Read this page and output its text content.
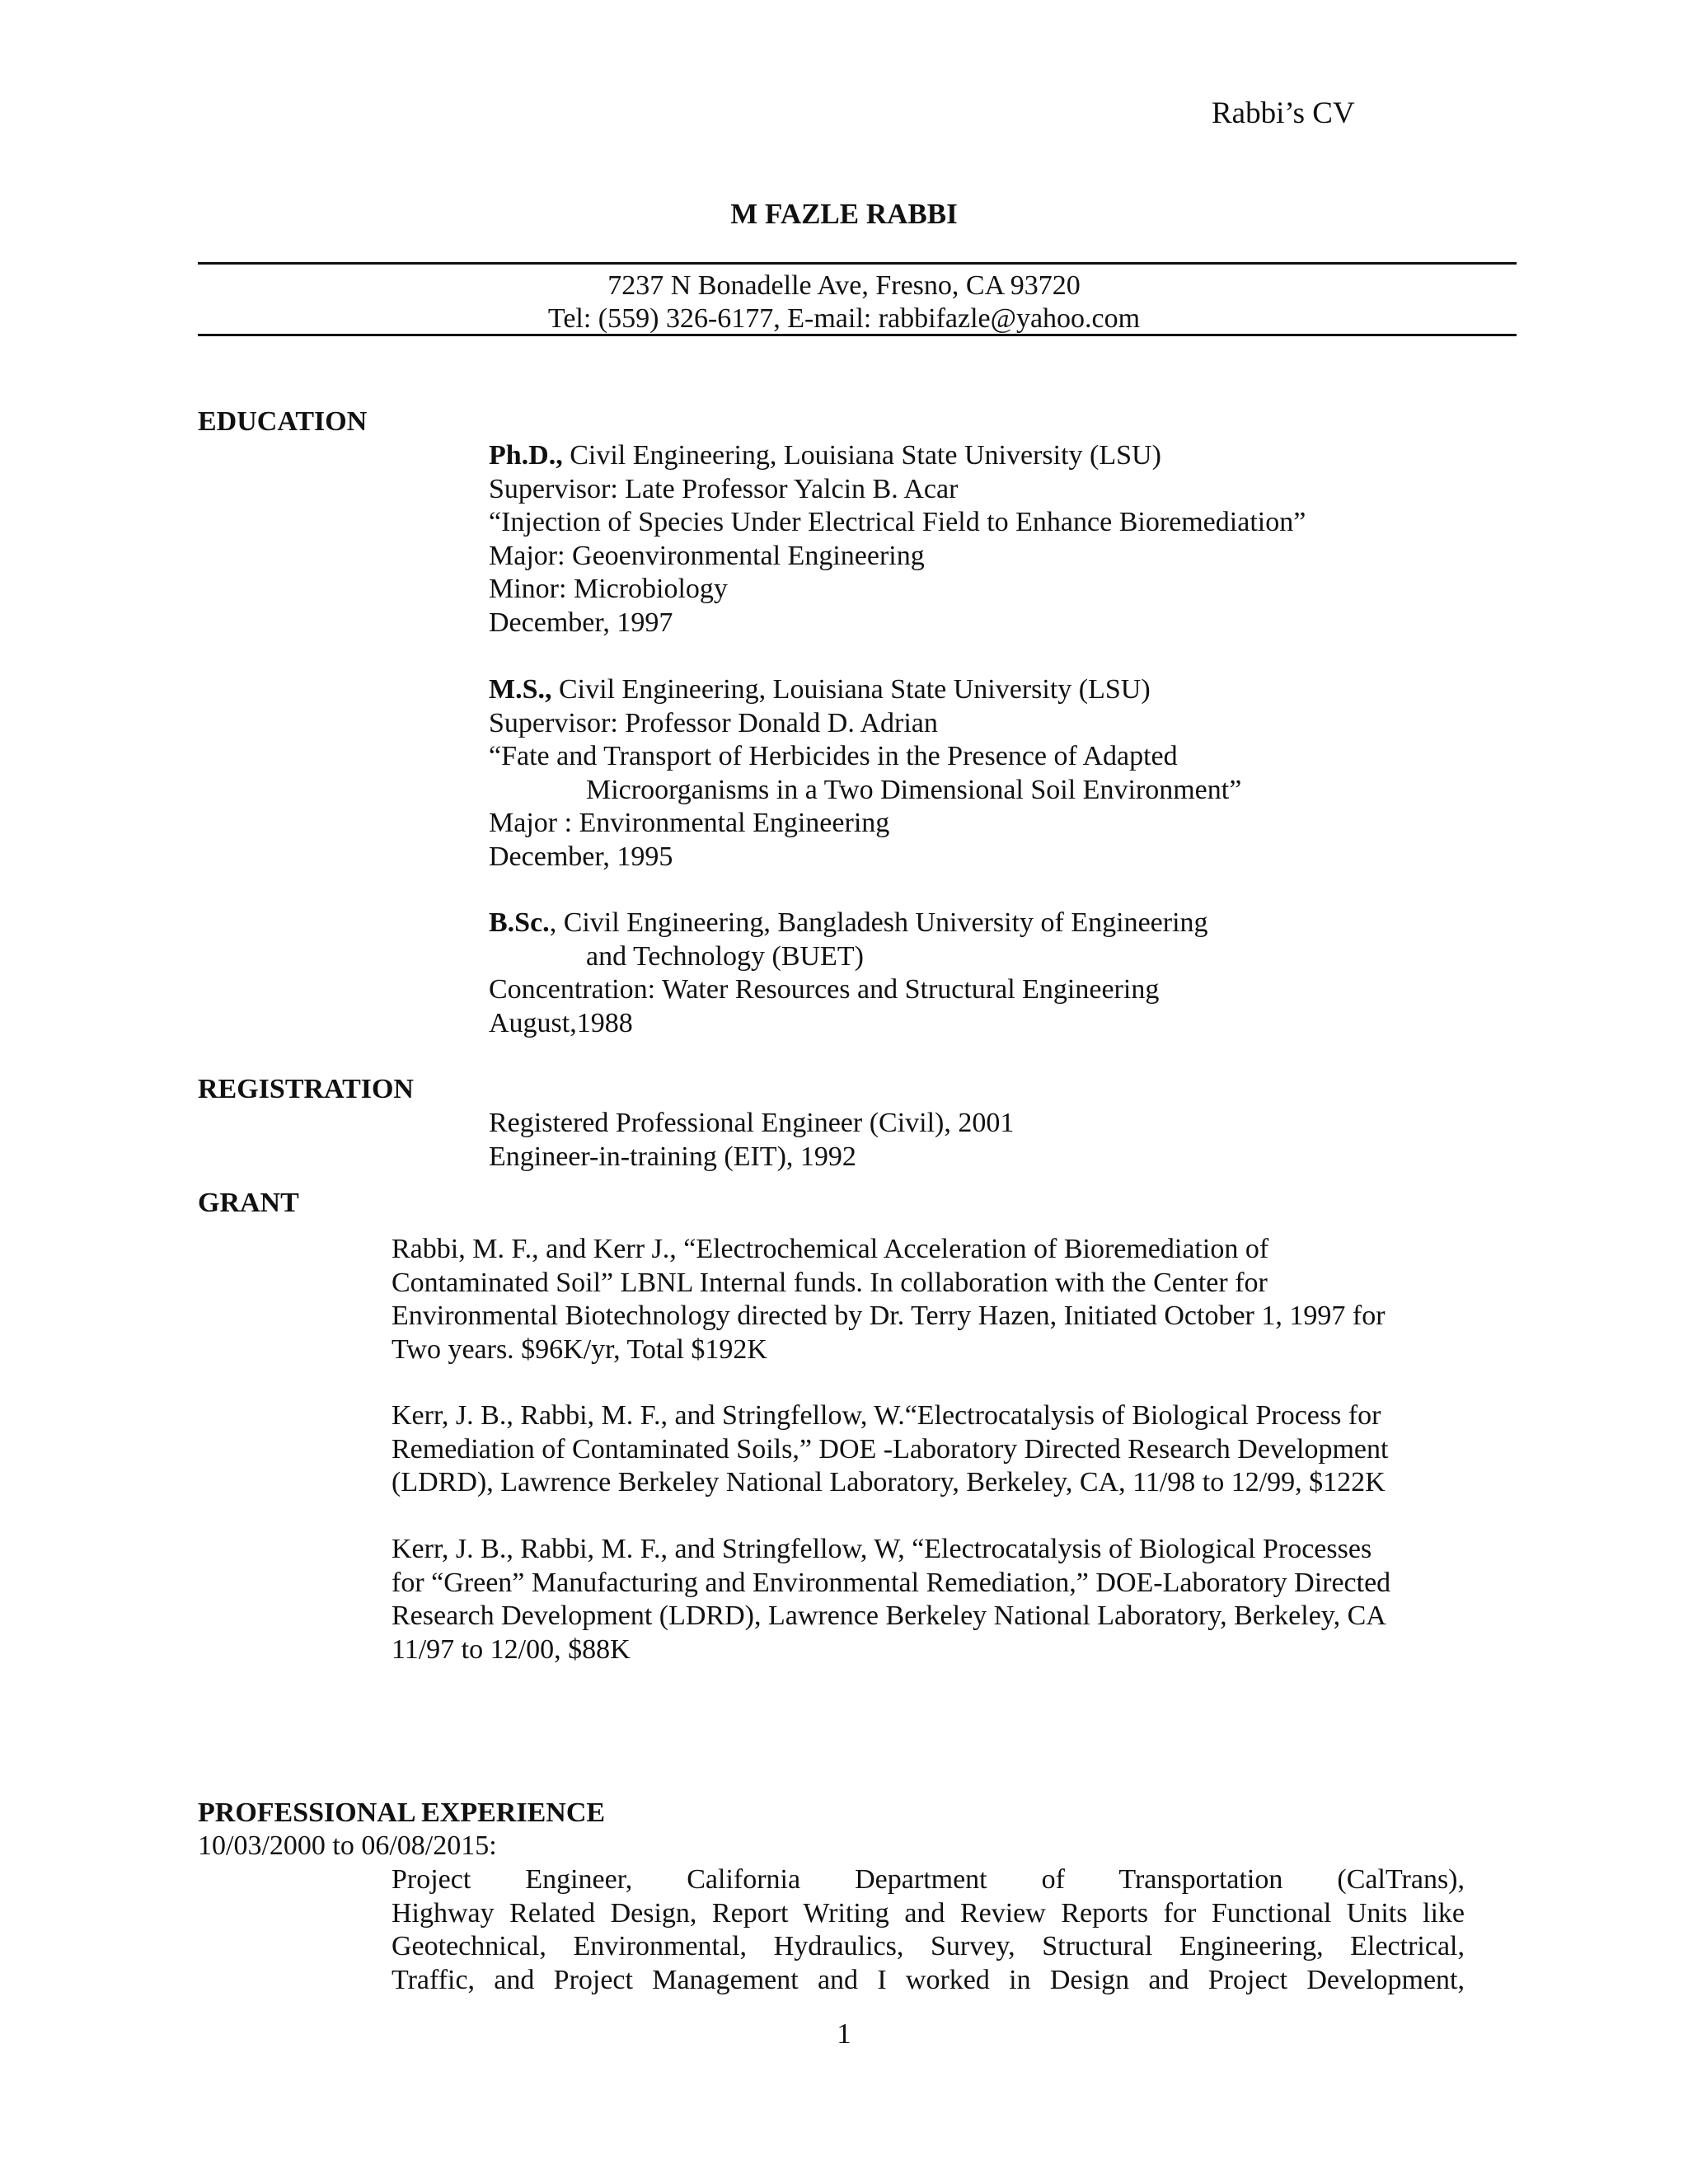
Rabbi’s CV
M FAZLE RABBI
7237 N Bonadelle Ave, Fresno, CA 93720
Tel: (559) 326-6177, E-mail: rabbifazle@yahoo.com
EDUCATION
Ph.D., Civil Engineering, Louisiana State University (LSU)
Supervisor: Late Professor Yalcin B. Acar
“Injection of Species Under Electrical Field to Enhance Bioremediation”
Major: Geoenvironmental Engineering
Minor: Microbiology
December, 1997
M.S., Civil Engineering, Louisiana State University (LSU)
Supervisor: Professor Donald D. Adrian
“Fate and Transport of Herbicides in the Presence of Adapted
Microorganisms in a Two Dimensional Soil Environment”
Major : Environmental Engineering
December, 1995
B.Sc., Civil Engineering, Bangladesh University of Engineering
and Technology (BUET)
Concentration: Water Resources and Structural Engineering
August,1988
REGISTRATION
Registered Professional Engineer (Civil), 2001
Engineer-in-training (EIT), 1992
GRANT
Rabbi, M. F., and Kerr J., “Electrochemical Acceleration of Bioremediation of
Contaminated Soil” LBNL Internal funds. In collaboration with the Center for
Environmental Biotechnology directed by Dr. Terry Hazen, Initiated October 1, 1997 for
Two years. $96K/yr, Total $192K
Kerr, J. B., Rabbi, M. F., and Stringfellow, W.“Electrocatalysis of Biological Process for
Remediation of Contaminated Soils,” DOE -Laboratory Directed Research Development
(LDRD), Lawrence Berkeley National Laboratory, Berkeley, CA, 11/98 to 12/99, $122K
Kerr, J. B., Rabbi, M. F., and Stringfellow, W, “Electrocatalysis of Biological Processes
for “Green” Manufacturing and Environmental Remediation,” DOE-Laboratory Directed
Research Development (LDRD), Lawrence Berkeley National Laboratory, Berkeley, CA
11/97 to 12/00, $88K
PROFESSIONAL EXPERIENCE
10/03/2000 to 06/08/2015:
Project Engineer, California Department of Transportation (CalTrans),
Highway Related Design, Report Writing and Review Reports for Functional Units like
Geotechnical, Environmental, Hydraulics, Survey, Structural Engineering, Electrical,
Traffic, and Project Management and I worked in Design and Project Development,
1
